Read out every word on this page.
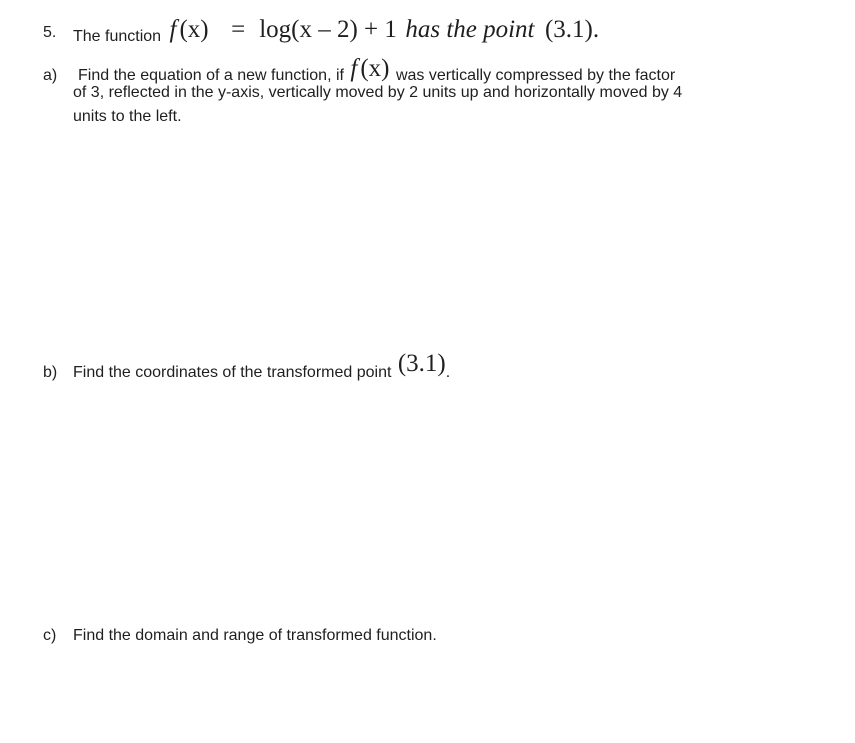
5. The function f (x) = log(x – 2) + 1 has the point (3.1).
a) Find the equation of a new function, if f (x) was vertically compressed by the factor
of 3, reflected in the y-axis, vertically moved by 2 units up and horizontally moved by 4
units to the left.
b) Find the coordinates of the transformed point (3.1).
c) Find the domain and range of transformed function.
